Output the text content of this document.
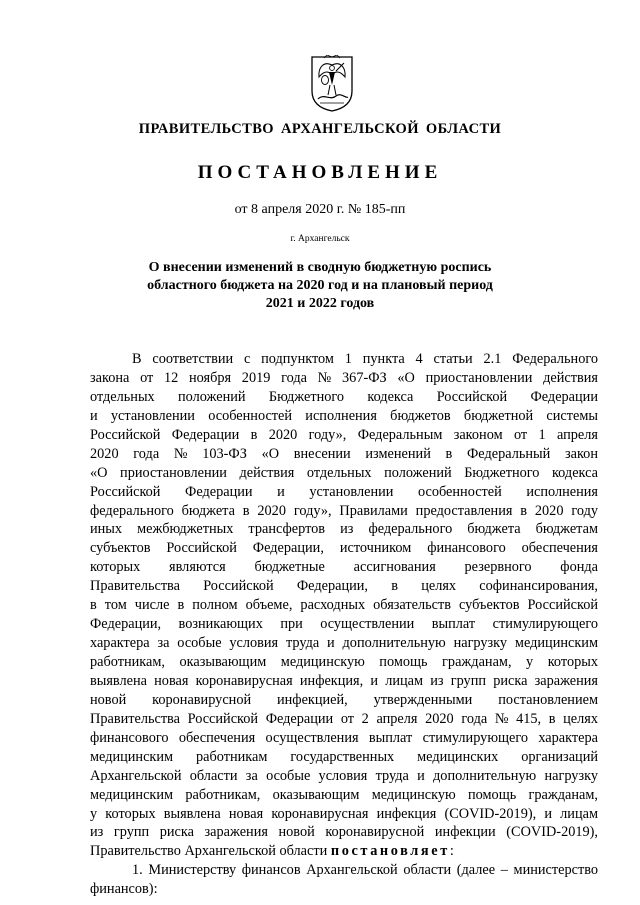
ПРАВИТЕЛЬСТВО АРХАНГЕЛЬСКОЙ ОБЛАСТИ
ПОСТАНОВЛЕНИЕ
от 8 апреля 2020 г. № 185-пп
г. Архангельск
О внесении изменений в сводную бюджетную роспись
областного бюджета на 2020 год и на плановый период
2021 и 2022 годов
В соответствии с подпунктом 1 пункта 4 статьи 2.1 Федерального
закона от 12 ноября 2019 года № 367-ФЗ «О приостановлении действия
отдельных положений Бюджетного кодекса Российской Федерации
и установлении особенностей исполнения бюджетов бюджетной системы
Российской Федерации в 2020 году», Федеральным законом от 1 апреля
2020 года № 103-ФЗ «О внесении изменений в Федеральный закон
«О приостановлении действия отдельных положений Бюджетного кодекса
Российской Федерации и установлении особенностей исполнения
федерального бюджета в 2020 году», Правилами предоставления в 2020 году
иных межбюджетных трансфертов из федерального бюджета бюджетам
субъектов Российской Федерации, источником финансового обеспечения
которых являются бюджетные ассигнования резервного фонда
Правительства Российской Федерации, в целях софинансирования,
в том числе в полном объеме, расходных обязательств субъектов Российской
Федерации, возникающих при осуществлении выплат стимулирующего
характера за особые условия труда и дополнительную нагрузку медицинским
работникам, оказывающим медицинскую помощь гражданам, у которых
выявлена новая коронавирусная инфекция, и лицам из групп риска заражения
новой коронавирусной инфекцией, утвержденными постановлением
Правительства Российской Федерации от 2 апреля 2020 года № 415, в целях
финансового обеспечения осуществления выплат стимулирующего характера
медицинским работникам государственных медицинских организаций
Архангельской области за особые условия труда и дополнительную нагрузку
медицинским работникам, оказывающим медицинскую помощь гражданам,
у которых выявлена новая коронавирусная инфекция (COVID-2019), и лицам
из групп риска заражения новой коронавирусной инфекции (COVID-2019),
Правительство Архангельской области постановляет:
1. Министерству финансов Архангельской области (далее – министерство
финансов):
